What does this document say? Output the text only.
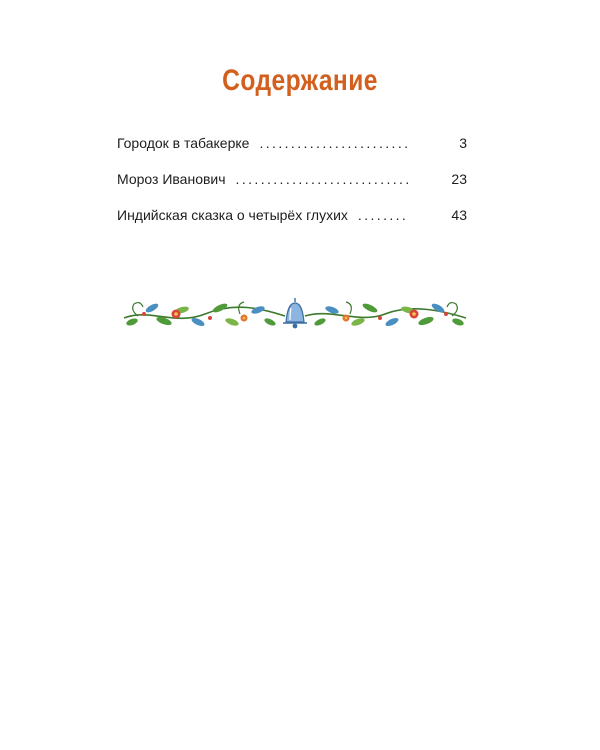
Содержание
Городок в табакерке ........................	3
Мороз Иванович ............................	23
Индийская сказка о четырёх глухих ........	43
